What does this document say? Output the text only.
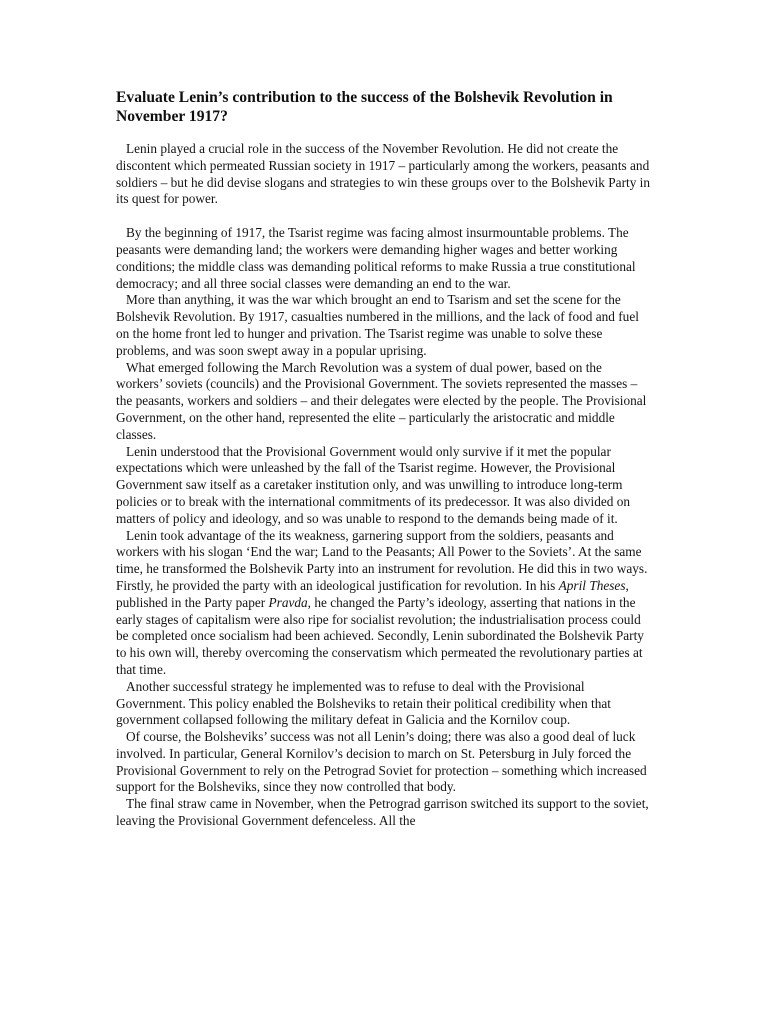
Evaluate Lenin’s contribution to the success of the Bolshevik Revolution in November 1917?

Lenin played a crucial role in the success of the November Revolution. He did not create the discontent which permeated Russian society in 1917 – particularly among the workers, peasants and soldiers – but he did devise slogans and strategies to win these groups over to the Bolshevik Party in its quest for power.

By the beginning of 1917, the Tsarist regime was facing almost insurmountable problems. The peasants were demanding land; the workers were demanding higher wages and better working conditions; the middle class was demanding political reforms to make Russia a true constitutional democracy; and all three social classes were demanding an end to the war.

More than anything, it was the war which brought an end to Tsarism and set the scene for the Bolshevik Revolution. By 1917, casualties numbered in the millions, and the lack of food and fuel on the home front led to hunger and privation. The Tsarist regime was unable to solve these problems, and was soon swept away in a popular uprising.

What emerged following the March Revolution was a system of dual power, based on the workers’ soviets (councils) and the Provisional Government. The soviets represented the masses – the peasants, workers and soldiers – and their delegates were elected by the people. The Provisional Government, on the other hand, represented the elite – particularly the aristocratic and middle classes.

Lenin understood that the Provisional Government would only survive if it met the popular expectations which were unleashed by the fall of the Tsarist regime. However, the Provisional Government saw itself as a caretaker institution only, and was unwilling to introduce long-term policies or to break with the international commitments of its predecessor. It was also divided on matters of policy and ideology, and so was unable to respond to the demands being made of it.

Lenin took advantage of the its weakness, garnering support from the soldiers, peasants and workers with his slogan ‘End the war; Land to the Peasants; All Power to the Soviets’. At the same time, he transformed the Bolshevik Party into an instrument for revolution. He did this in two ways. Firstly, he provided the party with an ideological justification for revolution. In his April Theses, published in the Party paper Pravda, he changed the Party’s ideology, asserting that nations in the early stages of capitalism were also ripe for socialist revolution; the industrialisation process could be completed once socialism had been achieved. Secondly, Lenin subordinated the Bolshevik Party to his own will, thereby overcoming the conservatism which permeated the revolutionary parties at that time.

Another successful strategy he implemented was to refuse to deal with the Provisional Government. This policy enabled the Bolsheviks to retain their political credibility when that government collapsed following the military defeat in Galicia and the Kornilov coup.

Of course, the Bolsheviks’ success was not all Lenin’s doing; there was also a good deal of luck involved. In particular, General Kornilov’s decision to march on St. Petersburg in July forced the Provisional Government to rely on the Petrograd Soviet for protection – something which increased support for the Bolsheviks, since they now controlled that body.

The final straw came in November, when the Petrograd garrison switched its support to the soviet, leaving the Provisional Government defenceless. All the
